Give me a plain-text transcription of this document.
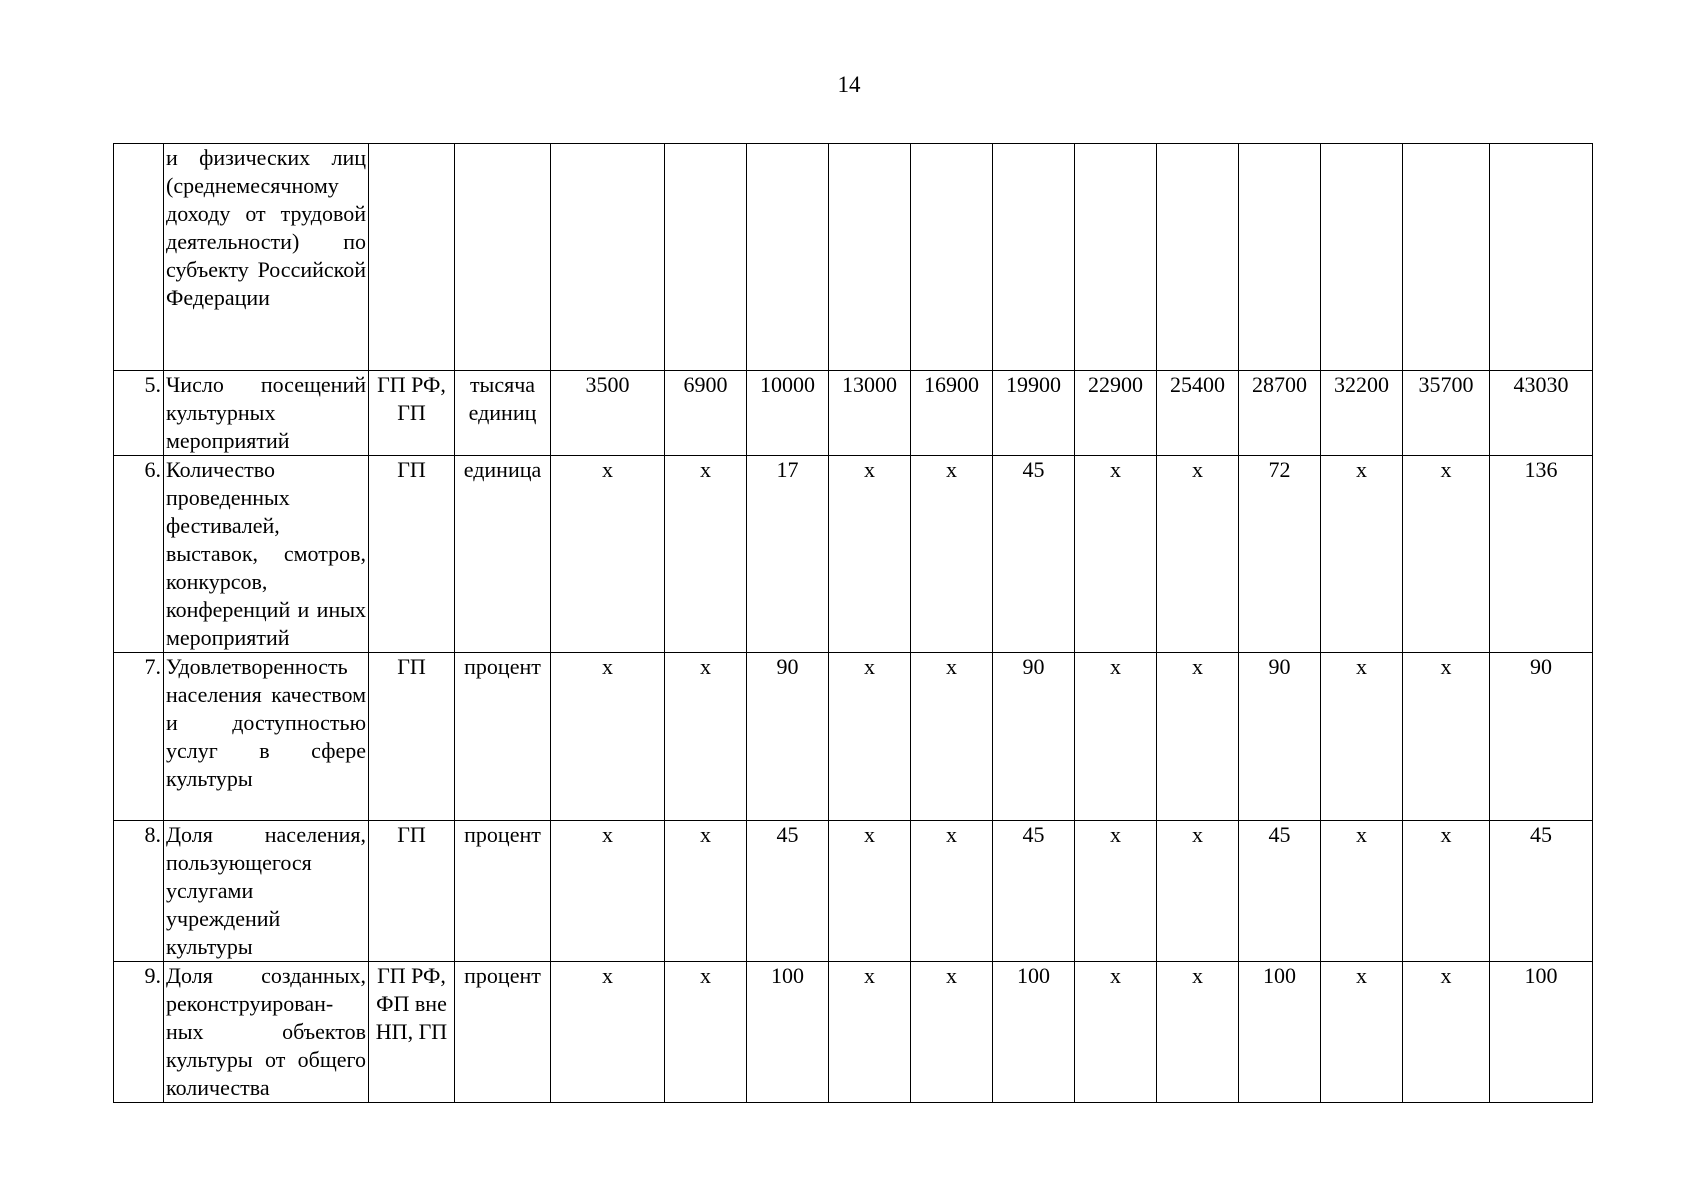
14

	и физических лиц (среднемесячному доходу от трудовой деятельности) по субъекту Российской Федерации														

5.	Число посещений культурных мероприятий	ГП РФ, ГП	тысяча единиц	3500	6900	10000	13000	16900	19900	22900	25400	28700	32200	35700	43030
6.	Количество проведенных фестивалей, выставок, смотров, конкурсов, конференций и иных мероприятий	ГП	единица	х	х	17	х	х	45	х	х	72	х	х	136
7.	Удовлетворенность населения качеством и доступностью услуг в сфере культуры	ГП	процент	х	х	90	х	х	90	х	х	90	х	х	90
8.	Доля населения, пользующегося услугами учреждений культуры	ГП	процент	х	х	45	х	х	45	х	х	45	х	х	45
9.	Доля созданных, реконструирован-ных объектов культуры от общего количества	ГП РФ, ФП вне НП, ГП	процент	х	х	100	х	х	100	х	х	100	х	х	100
